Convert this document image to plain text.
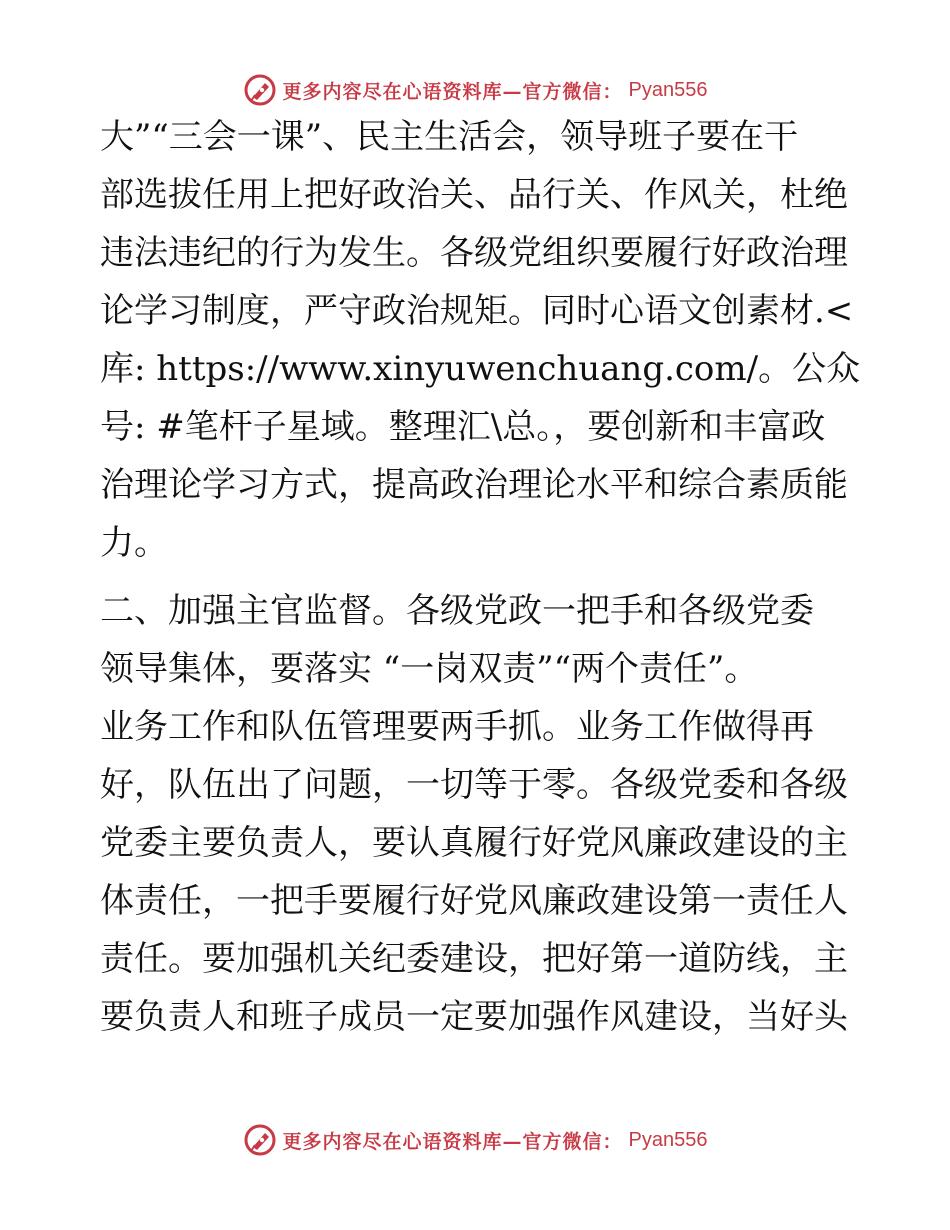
更多内容尽在心语资料库—官方微信： Pyan556
大”“三会一课”、民主生活会，领导班子要在干
部选拔任用上把好政治关、品行关、作风关，杜绝
违法违纪的行为发生。各级党组织要履行好政治理
论学习制度，严守政治规矩。同时心语文创素材.<
库: https://www.xinyuwenchuang.com/。公众
号: #笔杆子星域。整理汇\总。，要创新和丰富政
治理论学习方式，提高政治理论水平和综合素质能
力。
二、加强主官监督。各级党政一把手和各级党委
领导集体，要落实 “一岗双责”“两个责任”。
业务工作和队伍管理要两手抓。业务工作做得再
好，队伍出了问题，一切等于零。各级党委和各级
党委主要负责人，要认真履行好党风廉政建设的主
体责任，一把手要履行好党风廉政建设第一责任人
责任。要加强机关纪委建设，把好第一道防线，主
要负责人和班子成员一定要加强作风建设，当好头
更多内容尽在心语资料库—官方微信： Pyan556
